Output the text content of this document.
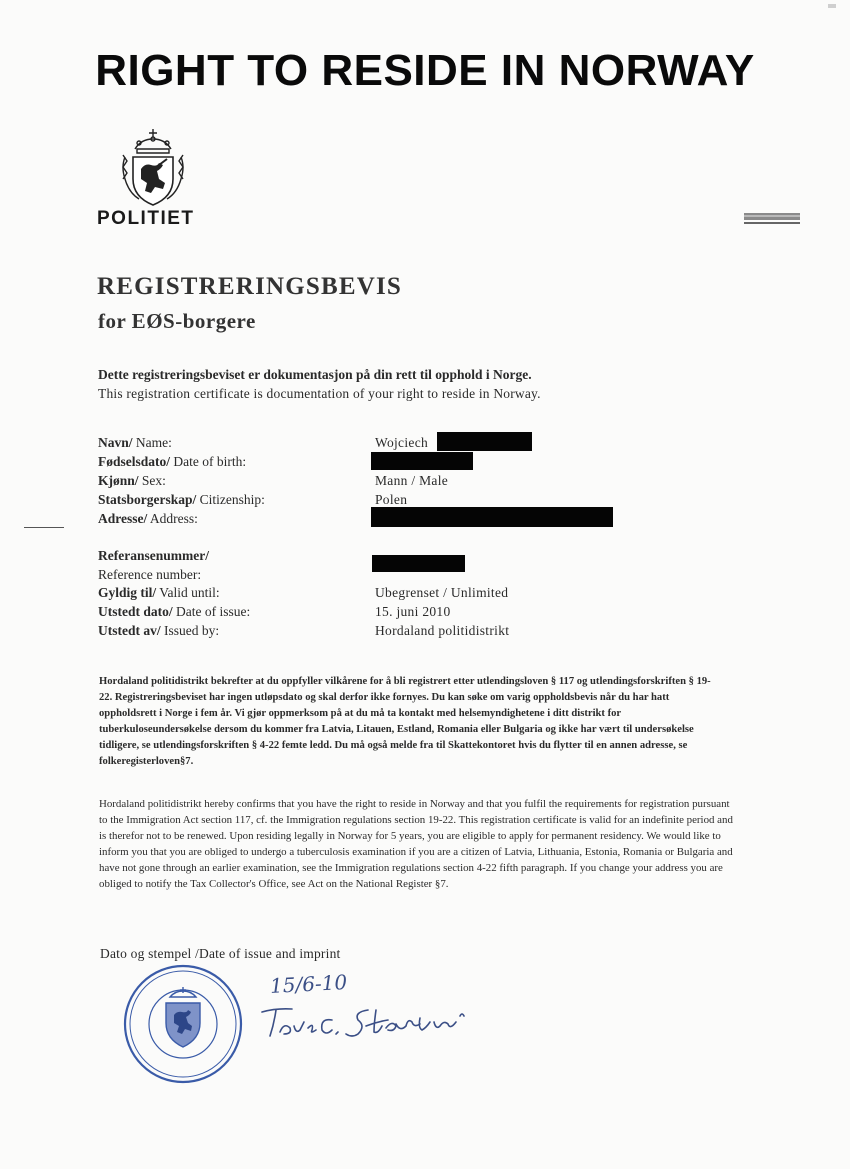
RIGHT TO RESIDE IN NORWAY
POLITIET
REGISTRERINGSBEVIS
for EØS-borgere
Dette registreringsbeviset er dokumentasjon på din rett til opphold i Norge.
This registration certificate is documentation of your right to reside in Norway.
Navn/ Name:
Fødselsdato/ Date of birth:
Kjønn/ Sex:
Statsborgerskap/ Citizenship:
Adresse/ Address:
Referansenummer/
Reference number:
Gyldig til/ Valid until:
Utstedt dato/ Date of issue:
Utstedt av/ Issued by:
Wojciech
Mann / Male
Polen
Ubegrenset / Unlimited
15. juni 2010
Hordaland politidistrikt
Hordaland politidistrikt bekrefter at du oppfyller vilkårene for å bli registrert etter utlendingsloven § 117 og utlendingsforskriften § 19-22. Registreringsbeviset har ingen utløpsdato og skal derfor ikke fornyes. Du kan søke om varig oppholdsbevis når du har hatt oppholdsrett i Norge i fem år. Vi gjør oppmerksom på at du må ta kontakt med helsemyndighetene i ditt distrikt for tuberkuloseundersøkelse dersom du kommer fra Latvia, Litauen, Estland, Romania eller Bulgaria og ikke har vært til undersøkelse tidligere, se utlendingsforskriften § 4-22 femte ledd. Du må også melde fra til Skattekontoret hvis du flytter til en annen adresse, se folkeregisterloven§7.
Hordaland politidistrikt hereby confirms that you have the right to reside in Norway and that you fulfil the requirements for registration pursuant to the Immigration Act section 117, cf. the Immigration regulations section 19-22. This registration certificate is valid for an indefinite period and is therefor not to be renewed. Upon residing legally in Norway for 5 years, you are eligible to apply for permanent residency. We would like to inform you that you are obliged to undergo a tuberculosis examination if you are a citizen of Latvia, Lithuania, Estonia, Romania or Bulgaria and have not gone through an earlier examination, see the Immigration regulations section 4-22 fifth paragraph. If you change your address you are obliged to notify the Tax Collector's Office, see Act on the National Register §7.
Dato og stempel /Date of issue and imprint
15/6-10
